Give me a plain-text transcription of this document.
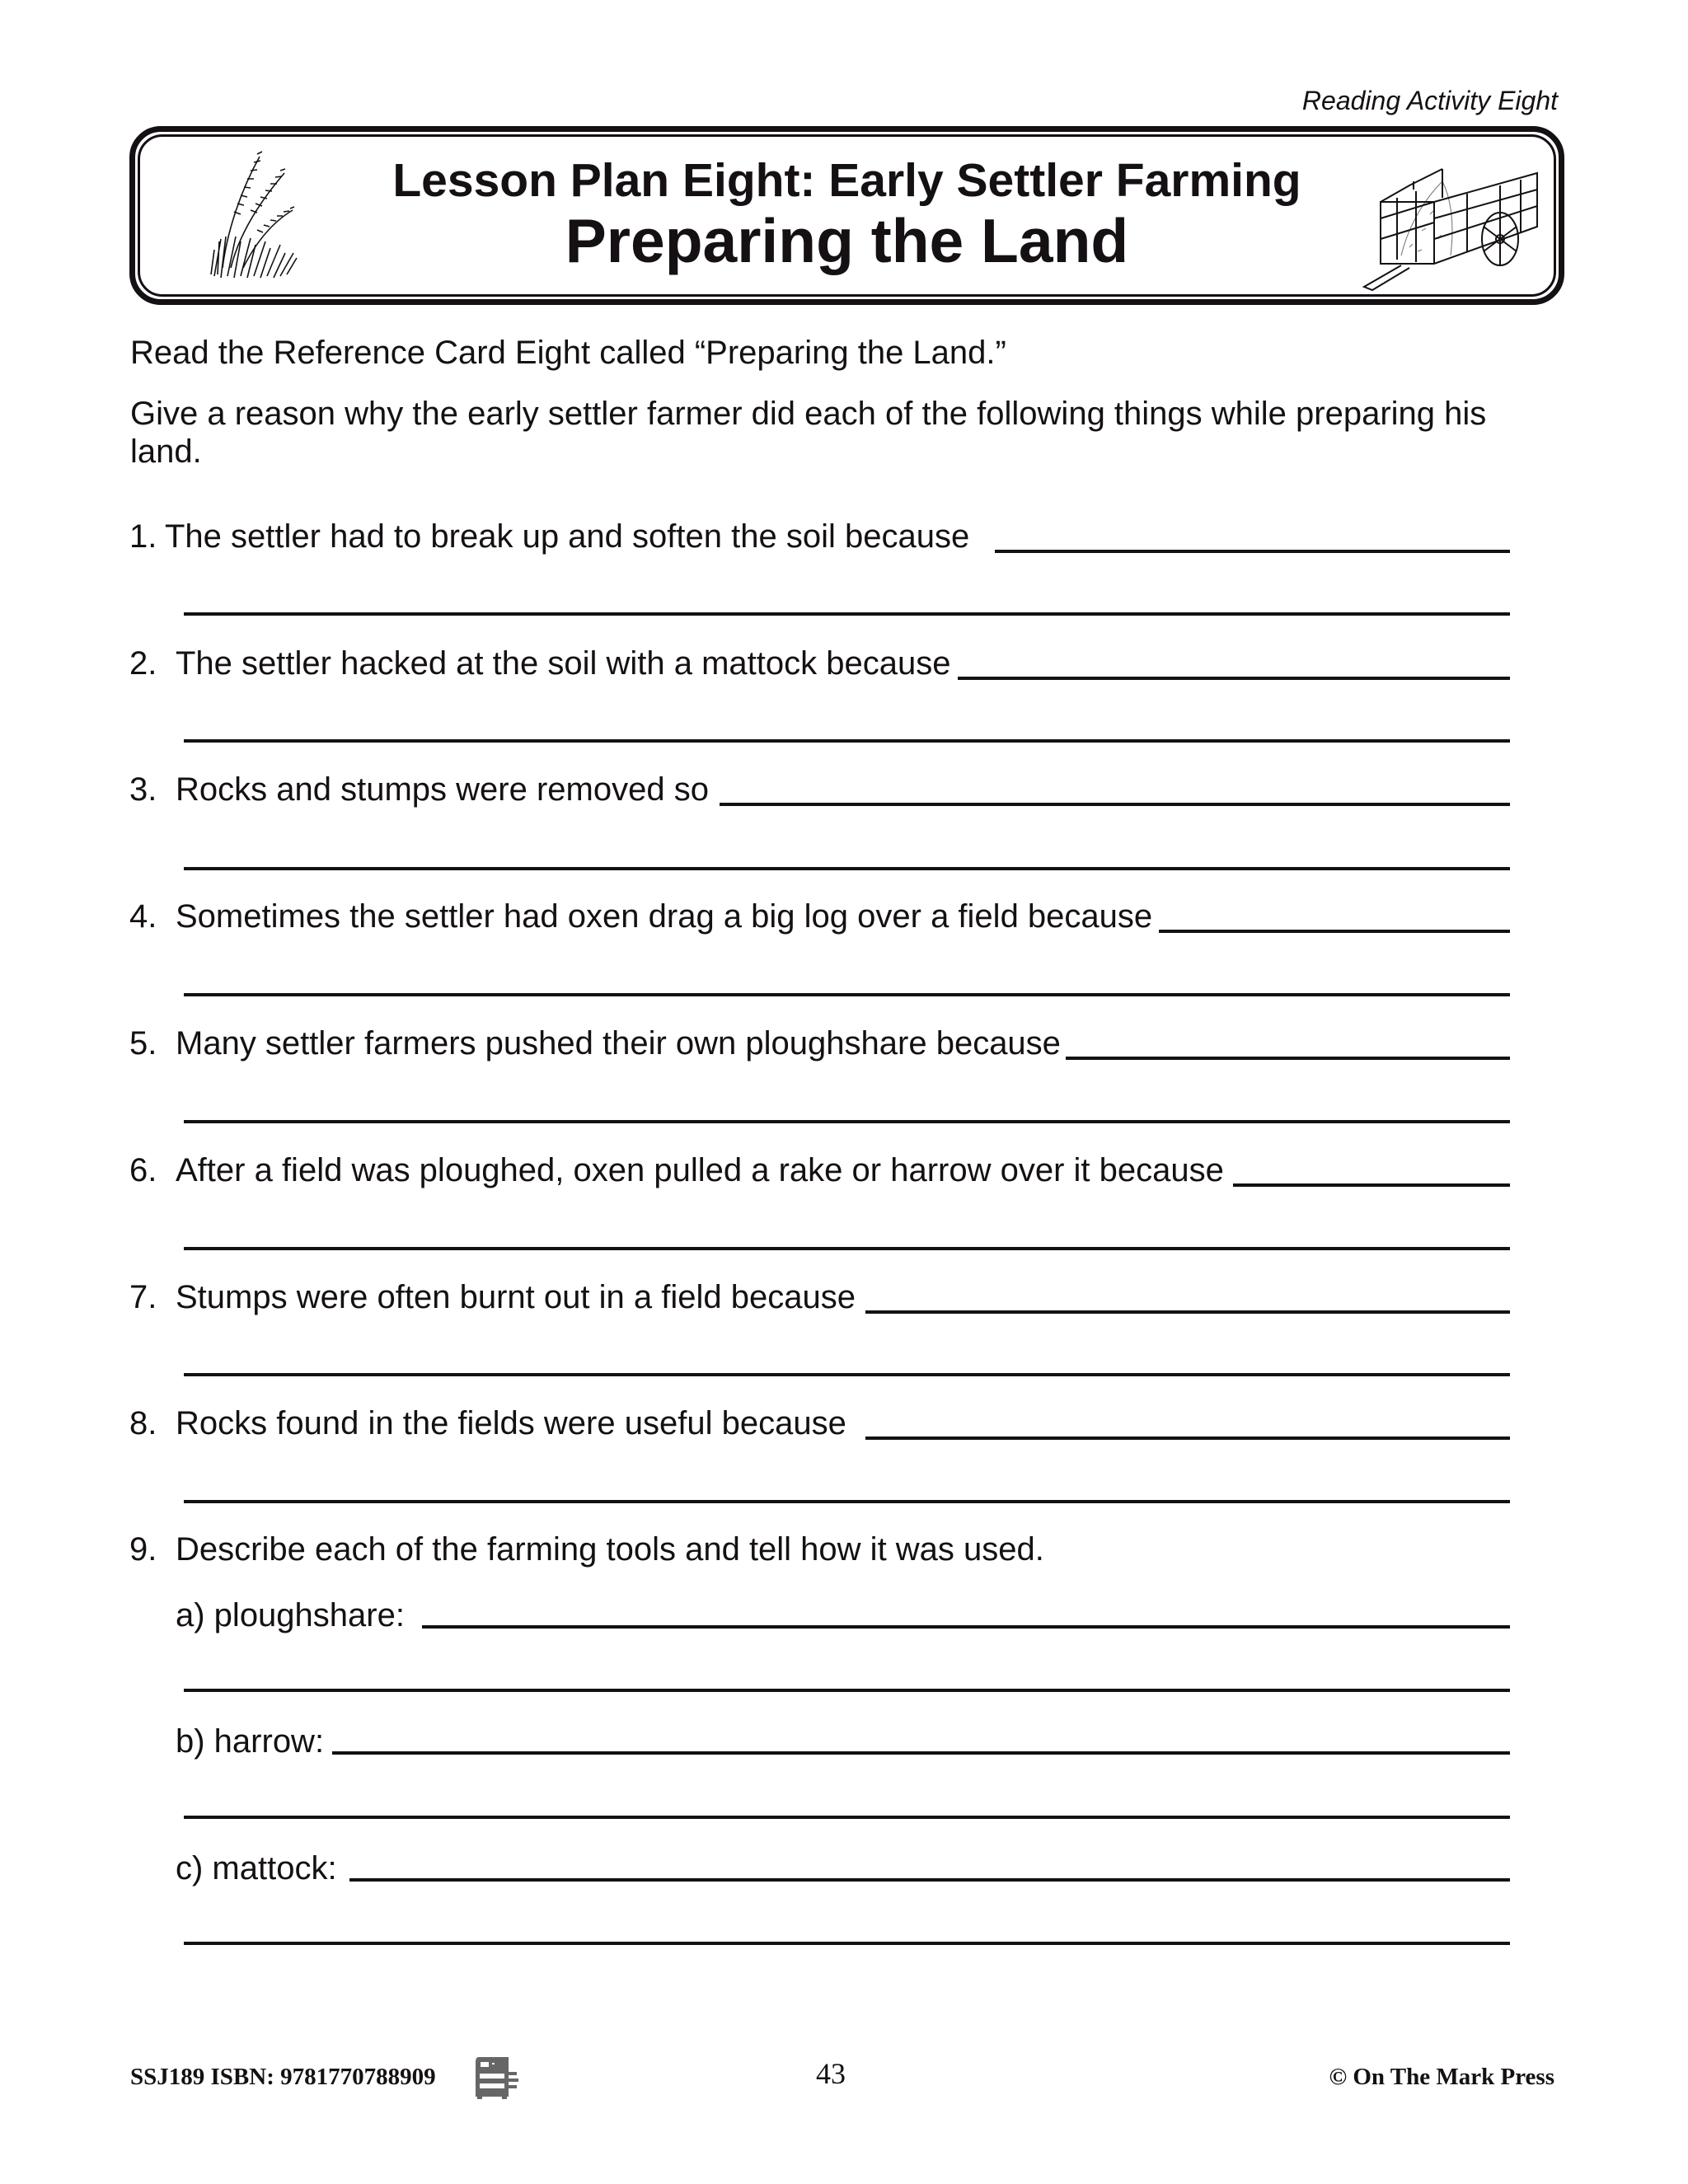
Reading Activity Eight
Lesson Plan Eight: Early Settler Farming
Preparing the Land
Read the Reference Card Eight called “Preparing the Land.”
Give a reason why the early settler farmer did each of the following things while preparing his
land.
1. The settler had to break up and soften the soil because
2. The settler hacked at the soil with a mattock because
3. Rocks and stumps were removed so
4. Sometimes the settler had oxen drag a big log over a field because
5. Many settler farmers pushed their own ploughshare because
6. After a field was ploughed, oxen pulled a rake or harrow over it because
7. Stumps were often burnt out in a field because
8. Rocks found in the fields were useful because
9. Describe each of the farming tools and tell how it was used.
a) ploughshare:
b) harrow:
c) mattock:
SSJ189 ISBN: 9781770788909	43	© On The Mark Press
